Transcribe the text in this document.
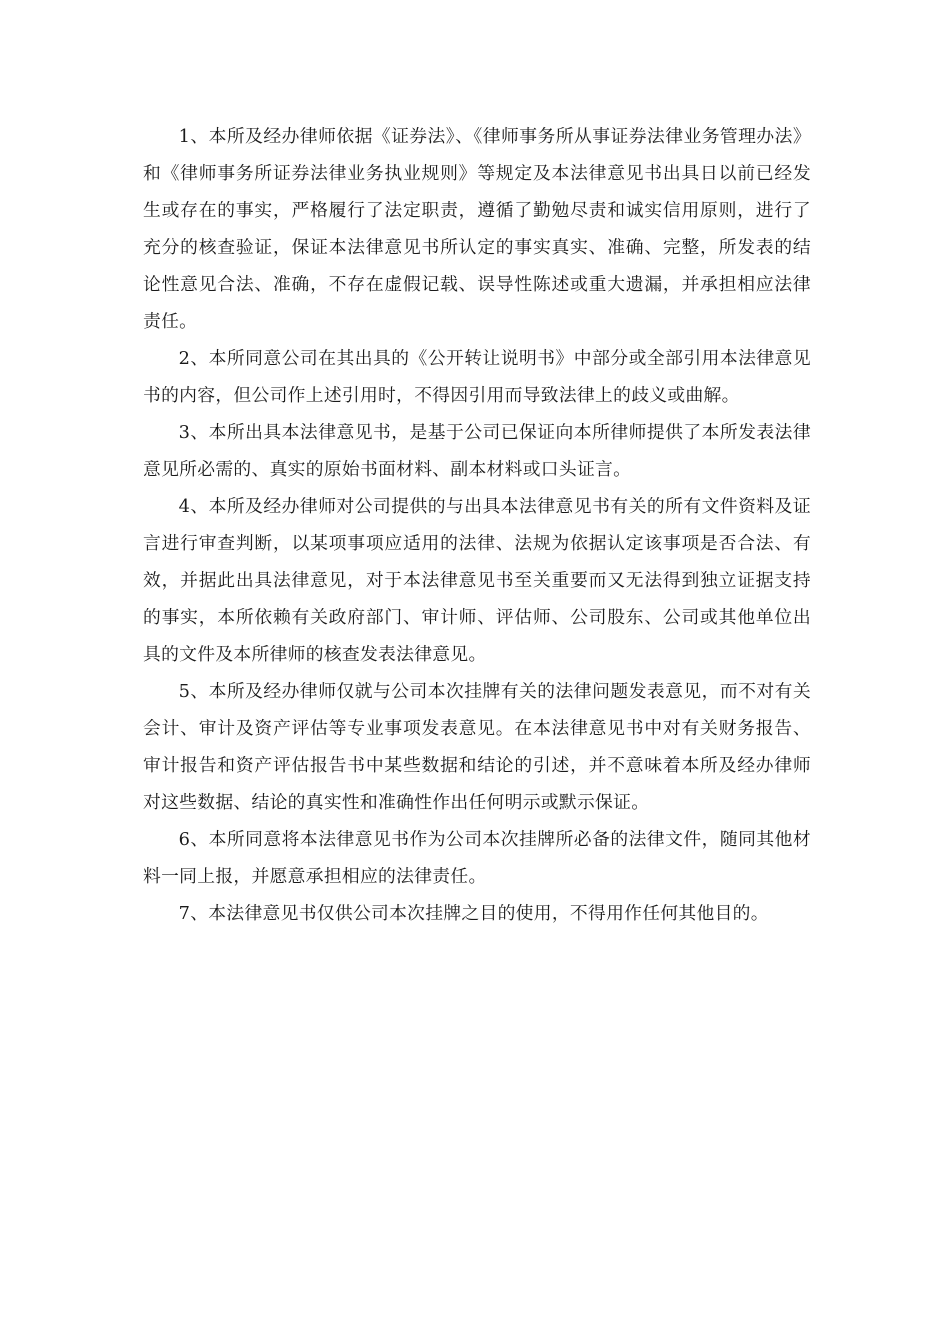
1、本所及经办律师依据《证券法》、《律师事务所从事证券法律业务管理办法》和《律师事务所证券法律业务执业规则》等规定及本法律意见书出具日以前已经发生或存在的事实，严格履行了法定职责，遵循了勤勉尽责和诚实信用原则，进行了充分的核查验证，保证本法律意见书所认定的事实真实、准确、完整，所发表的结论性意见合法、准确，不存在虚假记载、误导性陈述或重大遗漏，并承担相应法律责任。

2、本所同意公司在其出具的《公开转让说明书》中部分或全部引用本法律意见书的内容，但公司作上述引用时，不得因引用而导致法律上的歧义或曲解。

3、本所出具本法律意见书，是基于公司已保证向本所律师提供了本所发表法律意见所必需的、真实的原始书面材料、副本材料或口头证言。

4、本所及经办律师对公司提供的与出具本法律意见书有关的所有文件资料及证言进行审查判断，以某项事项应适用的法律、法规为依据认定该事项是否合法、有效，并据此出具法律意见，对于本法律意见书至关重要而又无法得到独立证据支持的事实，本所依赖有关政府部门、审计师、评估师、公司股东、公司或其他单位出具的文件及本所律师的核查发表法律意见。

5、本所及经办律师仅就与公司本次挂牌有关的法律问题发表意见，而不对有关会计、审计及资产评估等专业事项发表意见。在本法律意见书中对有关财务报告、审计报告和资产评估报告书中某些数据和结论的引述，并不意味着本所及经办律师对这些数据、结论的真实性和准确性作出任何明示或默示保证。

6、本所同意将本法律意见书作为公司本次挂牌所必备的法律文件，随同其他材料一同上报，并愿意承担相应的法律责任。

7、本法律意见书仅供公司本次挂牌之目的使用，不得用作任何其他目的。
